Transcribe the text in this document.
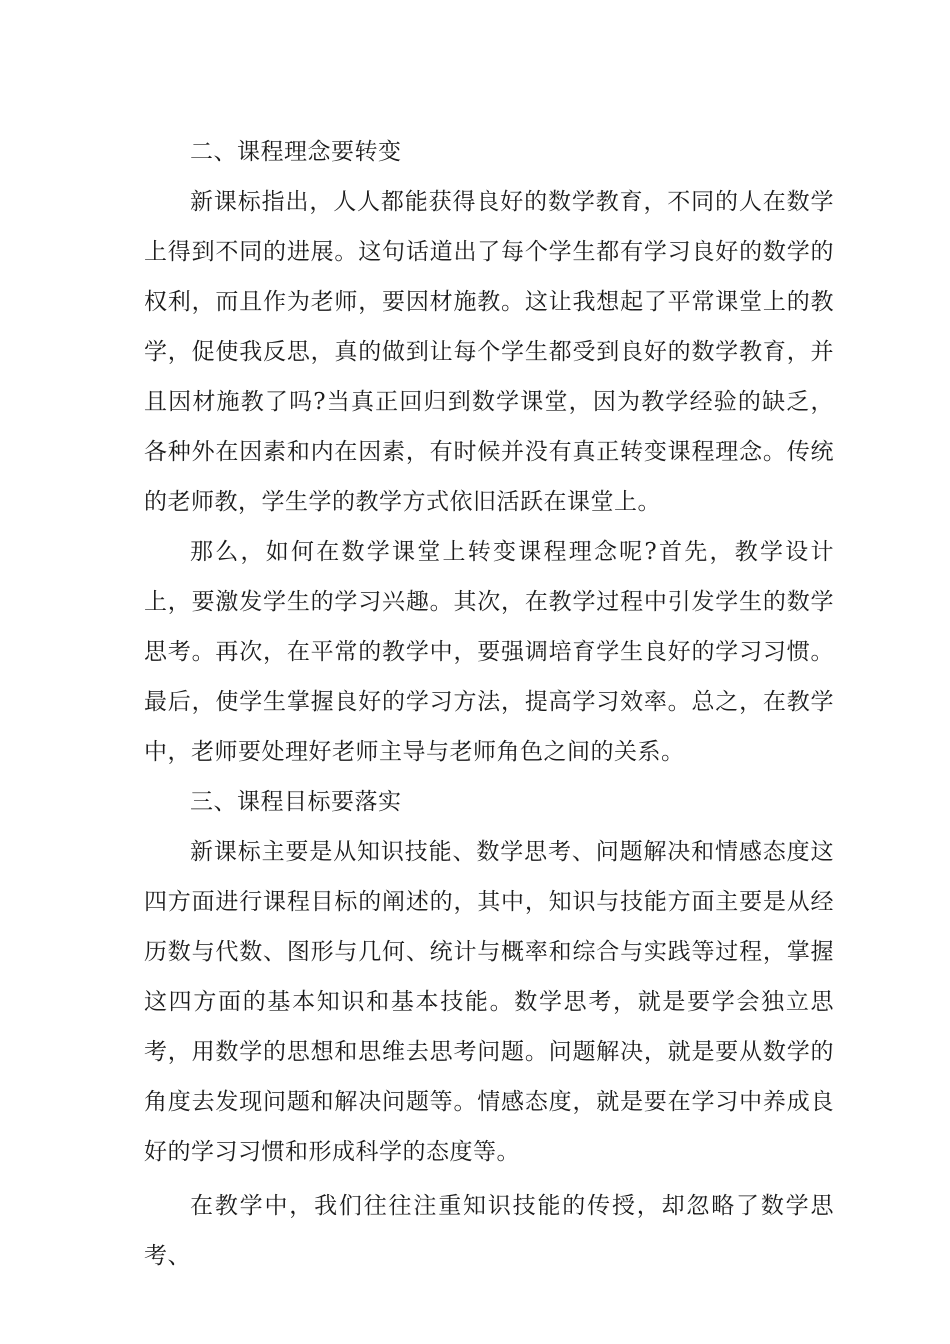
二、课程理念要转变

新课标指出，人人都能获得良好的数学教育，不同的人在数学上得到不同的进展。这句话道出了每个学生都有学习良好的数学的权利，而且作为老师，要因材施教。这让我想起了平常课堂上的教学，促使我反思，真的做到让每个学生都受到良好的数学教育，并且因材施教了吗?当真正回归到数学课堂，因为教学经验的缺乏，各种外在因素和内在因素，有时候并没有真正转变课程理念。传统的老师教，学生学的教学方式依旧活跃在课堂上。

那么，如何在数学课堂上转变课程理念呢?首先，教学设计上，要激发学生的学习兴趣。其次，在教学过程中引发学生的数学思考。再次，在平常的教学中，要强调培育学生良好的学习习惯。最后，使学生掌握良好的学习方法，提高学习效率。总之，在教学中，老师要处理好老师主导与老师角色之间的关系。

三、课程目标要落实

新课标主要是从知识技能、数学思考、问题解决和情感态度这四方面进行课程目标的阐述的，其中，知识与技能方面主要是从经历数与代数、图形与几何、统计与概率和综合与实践等过程，掌握这四方面的基本知识和基本技能。数学思考，就是要学会独立思考，用数学的思想和思维去思考问题。问题解决，就是要从数学的角度去发现问题和解决问题等。情感态度，就是要在学习中养成良好的学习习惯和形成科学的态度等。

在教学中，我们往往注重知识技能的传授，却忽略了数学思考、
